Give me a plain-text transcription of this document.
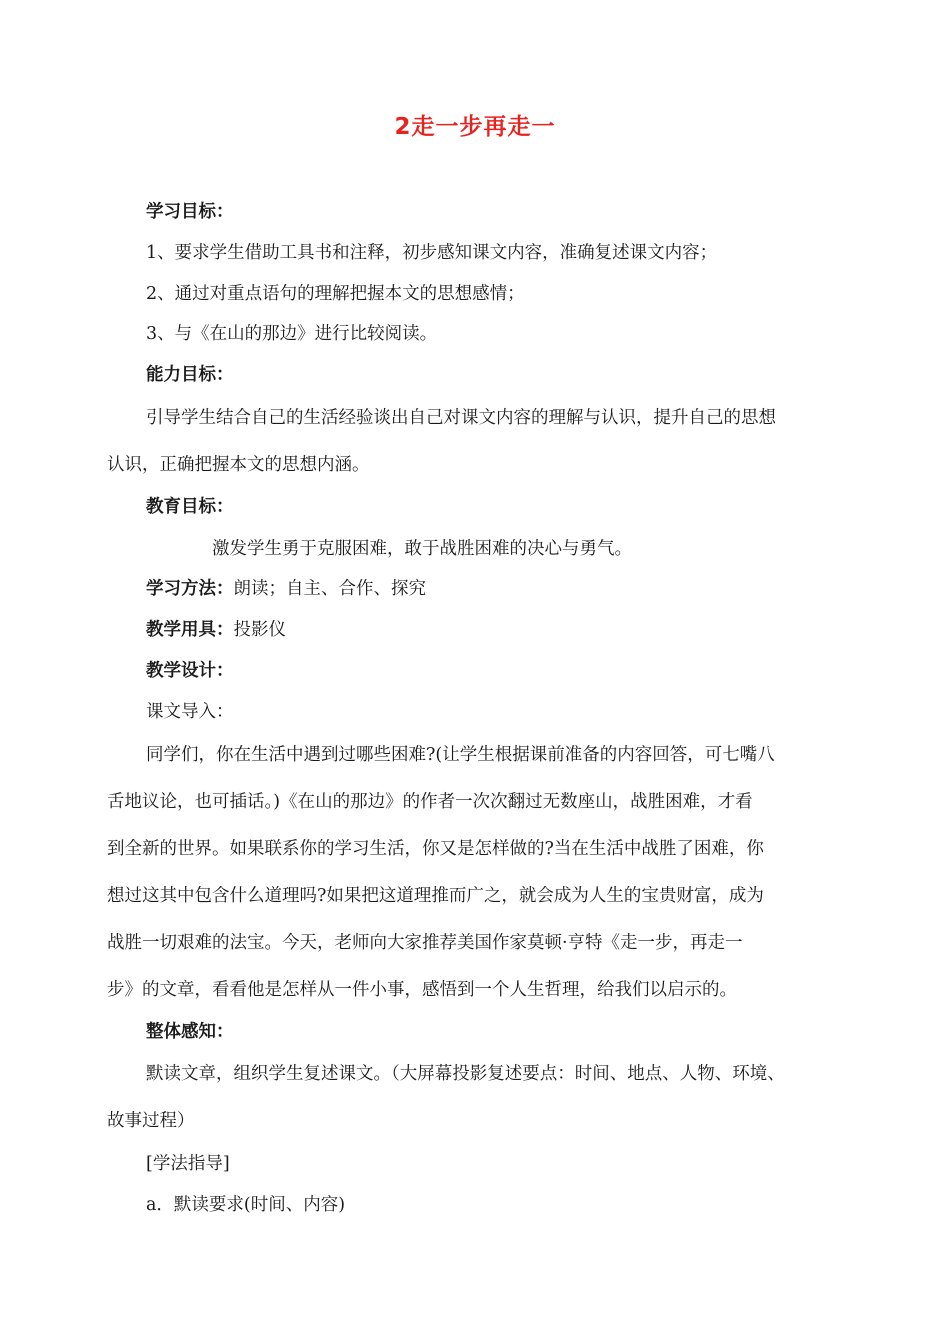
2走一步再走一
学习目标：
1、要求学生借助工具书和注释，初步感知课文内容，准确复述课文内容；
2、通过对重点语句的理解把握本文的思想感情；
3、与《在山的那边》进行比较阅读。
能力目标：
引导学生结合自己的生活经验谈出自己对课文内容的理解与认识，提升自己的思想
认识，正确把握本文的思想内涵。
教育目标：
激发学生勇于克服困难，敢于战胜困难的决心与勇气。
学习方法：朗读；自主、合作、探究
教学用具：投影仪
教学设计：
课文导入：
同学们，你在生活中遇到过哪些困难?(让学生根据课前准备的内容回答，可七嘴八
舌地议论，也可插话。)《在山的那边》的作者一次次翻过无数座山，战胜困难，才看
到全新的世界。如果联系你的学习生活，你又是怎样做的?当在生活中战胜了困难，你
想过这其中包含什么道理吗?如果把这道理推而广之，就会成为人生的宝贵财富，成为
战胜一切艰难的法宝。今天，老师向大家推荐美国作家莫顿·亨特《走一步，再走一
步》的文章，看看他是怎样从一件小事，感悟到一个人生哲理，给我们以启示的。
整体感知：
默读文章，组织学生复述课文。（大屏幕投影复述要点：时间、地点、人物、环境、
故事过程）
[学法指导]
a．默读要求(时间、内容)
